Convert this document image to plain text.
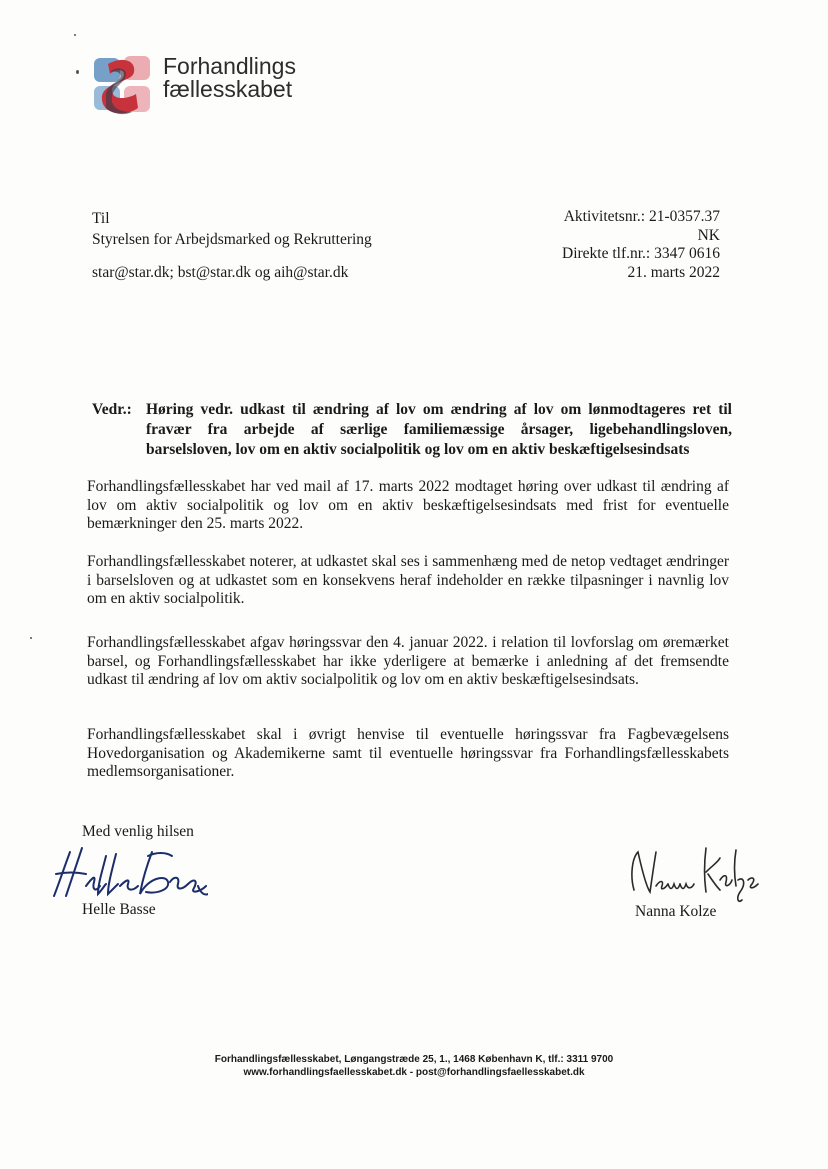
Forhandlings
fællesskabet
Til
Styrelsen for Arbejdsmarked og Rekruttering
star@star.dk; bst@star.dk og aih@star.dk
Aktivitetsnr.: 21-0357.37
NK
Direkte tlf.nr.: 3347 0616
21. marts 2022
Vedr.: Høring vedr. udkast til ændring af lov om ændring af lov om lønmodtageres ret til fravær fra arbejde af særlige familiemæssige årsager, ligebehandlingsloven, barselsloven, lov om en aktiv socialpolitik og lov om en aktiv beskæftigelsesindsats
Forhandlingsfællesskabet har ved mail af 17. marts 2022 modtaget høring over udkast til ændring af lov om aktiv socialpolitik og lov om en aktiv beskæftigelsesindsats med frist for eventuelle bemærkninger den 25. marts 2022.
Forhandlingsfællesskabet noterer, at udkastet skal ses i sammenhæng med de netop vedtaget ændringer i barselsloven og at udkastet som en konsekvens heraf indeholder en række tilpasninger i navnlig lov om en aktiv socialpolitik.
Forhandlingsfællesskabet afgav høringssvar den 4. januar 2022. i relation til lovforslag om øremærket barsel, og Forhandlingsfællesskabet har ikke yderligere at bemærke i anledning af det fremsendte udkast til ændring af lov om aktiv socialpolitik og lov om en aktiv beskæftigelsesindsats.
Forhandlingsfællesskabet skal i øvrigt henvise til eventuelle høringssvar fra Fagbevægelsens Hovedorganisation og Akademikerne samt til eventuelle høringssvar fra Forhandlingsfællesskabets medlemsorganisationer.
Med venlig hilsen
Helle Basse	Nanna Kolze
Forhandlingsfællesskabet, Løngangstræde 25, 1., 1468 København K, tlf.: 3311 9700
www.forhandlingsfaellesskabet.dk - post@forhandlingsfaellesskabet.dk
